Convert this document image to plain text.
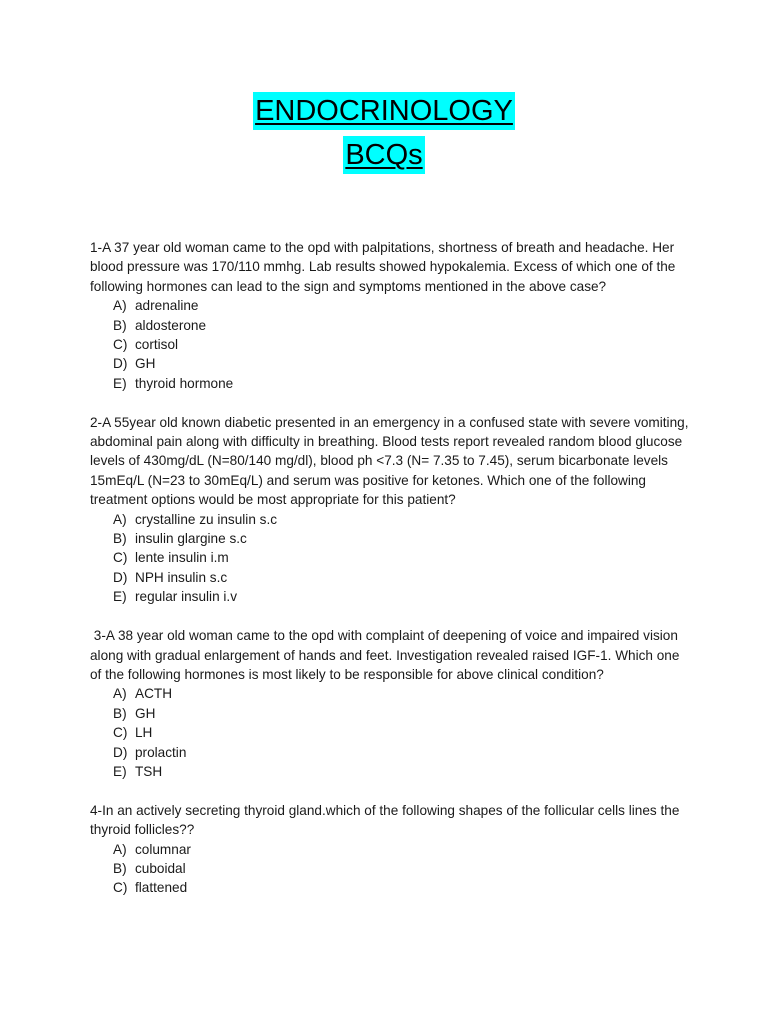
ENDOCRINOLOGY
BCQs

1-A 37 year old woman came to the opd with palpitations, shortness of breath and headache. Her blood pressure was 170/110 mmhg. Lab results showed hypokalemia. Excess of which one of the following hormones can lead to the sign and symptoms mentioned in the above case?

A) adrenaline
B) aldosterone
C) cortisol
D) GH
E) thyroid hormone

2-A 55year old known diabetic presented in an emergency in a confused state with severe vomiting, abdominal pain along with difficulty in breathing. Blood tests report revealed random blood glucose levels of 430mg/dL (N=80/140 mg/dl), blood ph <7.3 (N= 7.35 to 7.45), serum bicarbonate levels 15mEq/L (N=23 to 30mEq/L) and serum was positive for ketones. Which one of the following treatment options would be most appropriate for this patient?

A) crystalline zu insulin s.c
B) insulin glargine s.c
C) lente insulin i.m
D) NPH insulin s.c
E) regular insulin i.v

3-A 38 year old woman came to the opd with complaint of deepening of voice and impaired vision along with gradual enlargement of hands and feet. Investigation revealed raised IGF-1. Which one of the following hormones is most likely to be responsible for above clinical condition?

A) ACTH
B) GH
C) LH
D) prolactin
E) TSH

4-In an actively secreting thyroid gland.which of the following shapes of the follicular cells lines the thyroid follicles??

A) columnar
B) cuboidal
C) flattened
